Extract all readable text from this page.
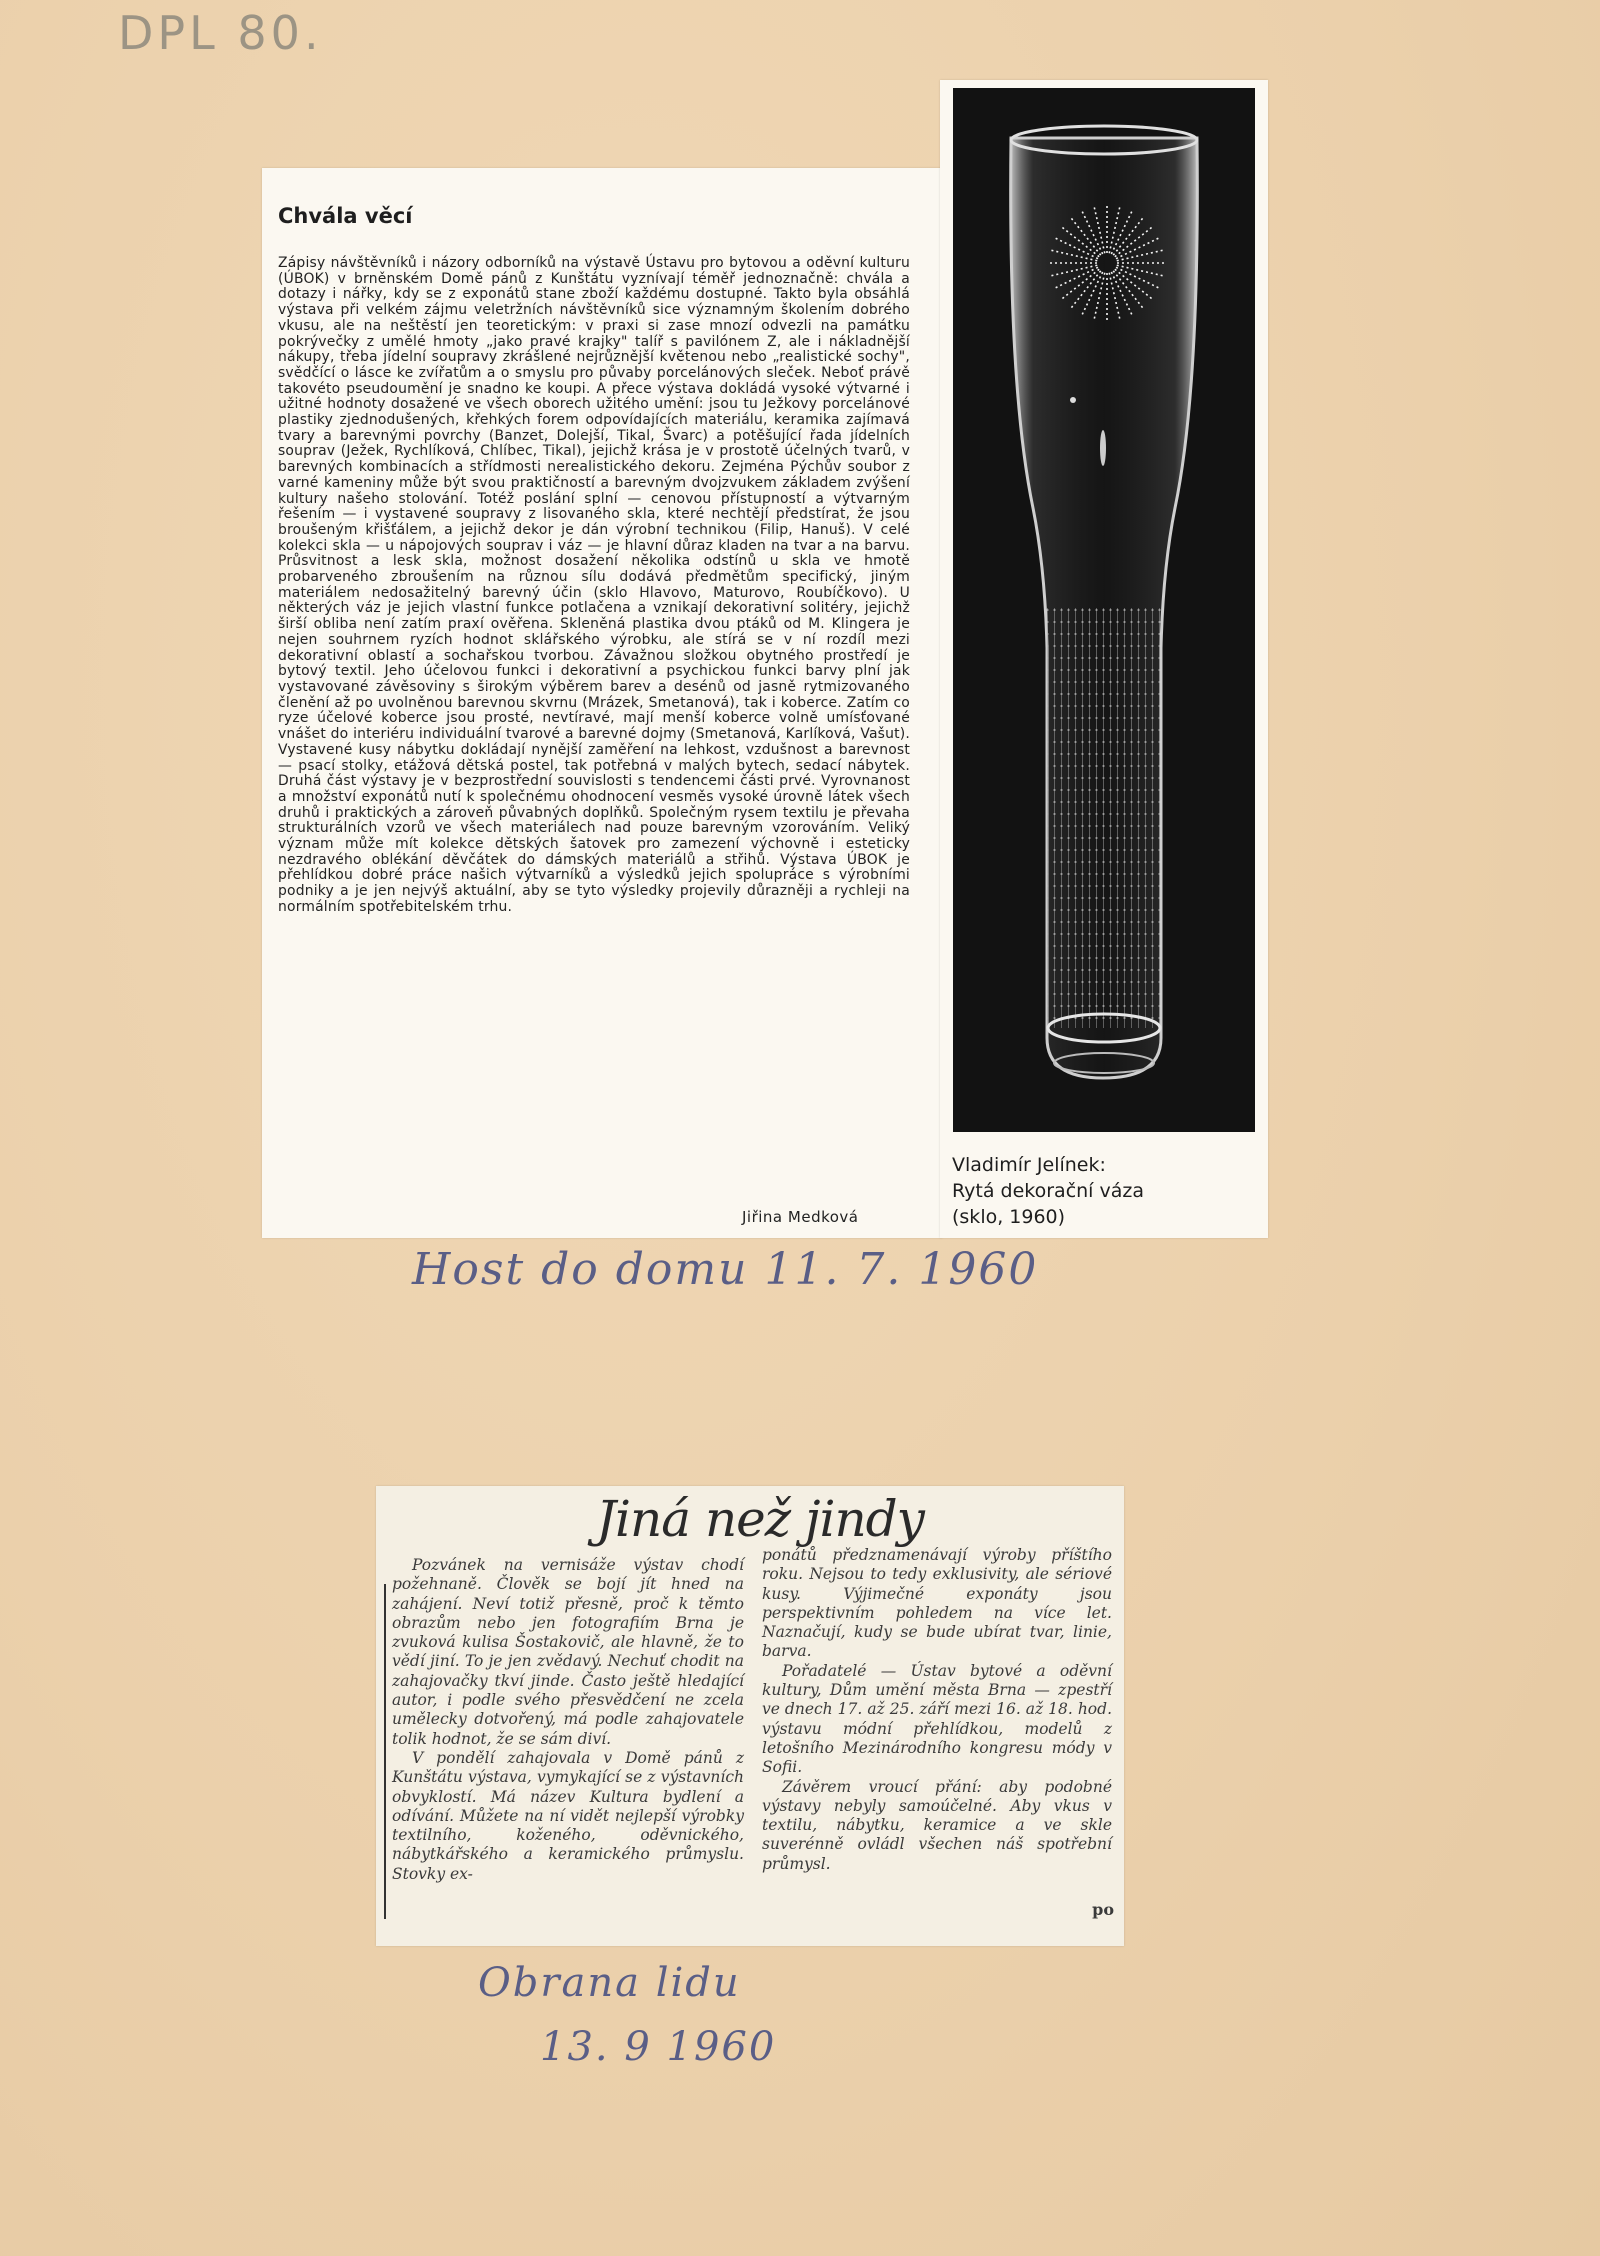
DPL 80.
Chvála věcí
Zápisy návštěvníků i názory odborníků na výstavě Ústavu pro bytovou a oděvní kulturu (ÚBOK) v brněnském Domě pánů z Kunštátu vyznívají téměř jednoznačně: chvála a dotazy i nářky, kdy se z exponátů stane zboží každému dostupné. Takto byla obsáhlá výstava při velkém zájmu veletržních návštěvníků sice významným školením dobrého vkusu, ale na neštěstí jen teoretickým: v praxi si zase mnozí odvezli na památku pokrývečky z umělé hmoty „jako pravé krajky" talíř s pavilónem Z, ale i nákladnější nákupy, třeba jídelní soupravy zkrášlené nejrůznější květenou nebo „realistické sochy", svědčící o lásce ke zvířatům a o smyslu pro půvaby porcelánových sleček. Neboť právě takovéto pseudoumění je snadno ke koupi. A přece výstava dokládá vysoké výtvarné i užitné hodnoty dosažené ve všech oborech užitého umění: jsou tu Ježkovy porcelánové plastiky zjednodušených, křehkých forem odpovídajících materiálu, keramika zajímavá tvary a barevnými povrchy (Banzet, Dolejší, Tikal, Švarc) a potěšující řada jídelních souprav (Ježek, Rychlíková, Chlíbec, Tikal), jejichž krása je v prostotě účelných tvarů, v barevných kombinacích a střídmosti nerealistického dekoru. Zejména Pýchův soubor z varné kameniny může být svou praktičností a barevným dvojzvukem základem zvýšení kultury našeho stolování. Totéž poslání splní — cenovou přístupností a výtvarným řešením — i vystavené soupravy z lisovaného skla, které nechtějí předstírat, že jsou broušeným křišťálem, a jejichž dekor je dán výrobní technikou (Filip, Hanuš). V celé kolekci skla — u nápojových souprav i váz — je hlavní důraz kladen na tvar a na barvu. Průsvitnost a lesk skla, možnost dosažení několika odstínů u skla ve hmotě probarveného zbroušením na různou sílu dodává předmětům specifický, jiným materiálem nedosažitelný barevný účin (sklo Hlavovo, Maturovo, Roubíčkovo). U některých váz je jejich vlastní funkce potlačena a vznikají dekorativní solitéry, jejichž širší obliba není zatím praxí ověřena. Skleněná plastika dvou ptáků od M. Klingera je nejen souhrnem ryzích hodnot sklářského výrobku, ale stírá se v ní rozdíl mezi dekorativní oblastí a sochařskou tvorbou. Závažnou složkou obytného prostředí je bytový textil. Jeho účelovou funkci i dekorativní a psychickou funkci barvy plní jak vystavované závěsoviny s širokým výběrem barev a desénů od jasně rytmizovaného členění až po uvolněnou barevnou skvrnu (Mrázek, Smetanová), tak i koberce. Zatím co ryze účelové koberce jsou prosté, nevtíravé, mají menší koberce volně umísťované vnášet do interiéru individuální tvarové a barevné dojmy (Smetanová, Karlíková, Vašut). Vystavené kusy nábytku dokládají nynější zaměření na lehkost, vzdušnost a barevnost — psací stolky, etážová dětská postel, tak potřebná v malých bytech, sedací nábytek. Druhá část výstavy je v bezprostřední souvislosti s tendencemi části prvé. Vyrovnanost a množství exponátů nutí k společnému ohodnocení vesměs vysoké úrovně látek všech druhů i praktických a zároveň půvabných doplňků. Společným rysem textilu je převaha strukturálních vzorů ve všech materiálech nad pouze barevným vzorováním. Veliký význam může mít kolekce dětských šatovek pro zamezení výchovně i esteticky nezdravého oblékání děvčátek do dámských materiálů a střihů. Výstava ÚBOK je přehlídkou dobré práce našich výtvarníků a výsledků jejich spolupráce s výrobními podniky a je jen nejvýš aktuální, aby se tyto výsledky projevily důrazněji a rychleji na normálním spotřebitelském trhu.
Jiřina Medková
Vladimír Jelínek:
Rytá dekorační váza
(sklo, 1960)
Host do domu 11. 7. 1960
Jiná než jindy

Pozvánek na vernisáže výstav chodí požehnaně. Člověk se bojí jít hned na zahájení. Neví totiž přesně, proč k těmto obrazům nebo jen fotografiím Brna je zvuková kulisa Šostakovič, ale hlavně, že to vědí jiní. To je jen zvědavý. Nechuť chodit na zahajovačky tkví jinde. Často ještě hledající autor, i podle svého přesvědčení ne zcela umělecky dotvořený, má podle zahajovatele tolik hodnot, že se sám diví.

V pondělí zahajovala v Domě pánů z Kunštátu výstava, vymykající se z výstavních obvyklostí. Má název Kultura bydlení a odívání. Můžete na ní vidět nejlepší výrobky textilního, koženého, oděvnického, nábytkářského a keramického průmyslu. Stovky ex-

ponátů předznamenávají výroby příštího roku. Nejsou to tedy exklusivity, ale sériové kusy. Výjimečné exponáty jsou perspektivním pohledem na více let. Naznačují, kudy se bude ubírat tvar, linie, barva.

Pořadatelé — Ústav bytové a oděvní kultury, Dům umění města Brna — zpestří ve dnech 17. až 25. září mezi 16. až 18. hod. výstavu módní přehlídkou, modelů z letošního Mezinárodního kongresu módy v Sofii.

Závěrem vroucí přání: aby podobné výstavy nebyly samoúčelné. Aby vkus v textilu, nábytku, keramice a ve skle suverénně ovládl všechen náš spotřební průmysl.

po
Obrana lidu
13. 9 1960
